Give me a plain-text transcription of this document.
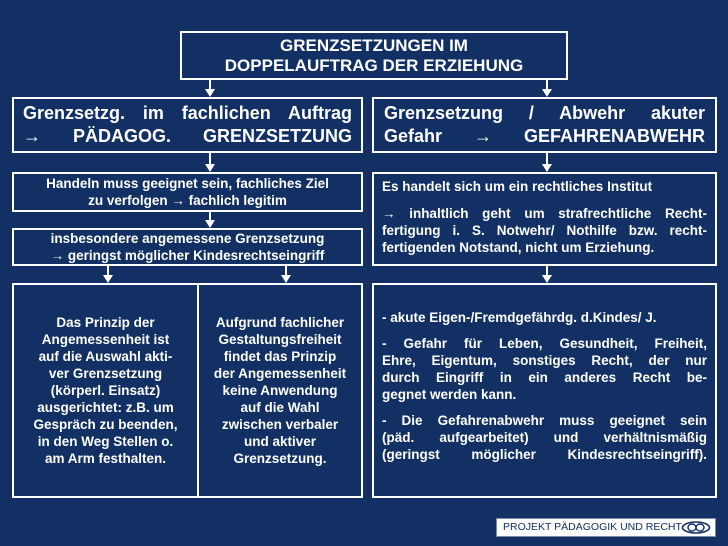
GRENZSETZUNGEN IM
DOPPELAUFTRAG DER ERZIEHUNG
Grenzsetzg. im fachlichen Auftrag
→ PÄDAGOG. GRENZSETZUNG
Handeln muss geeignet sein, fachliches Ziel
zu verfolgen → fachlich legitim
insbesondere angemessene Grenzsetzung
→ geringst möglicher Kindesrechtseingriff
Das Prinzip der
Angemessenheit ist
auf die Auswahl akti-
ver Grenzsetzung
(körperl. Einsatz)
ausgerichtet: z.B. um
Gespräch zu beenden,
in den Weg Stellen o.
am Arm festhalten.
Aufgrund fachlicher
Gestaltungsfreiheit
findet das Prinzip
der Angemessenheit
keine Anwendung
auf die Wahl
zwischen verbaler
und aktiver
Grenzsetzung.
Grenzsetzung / Abwehr akuter
Gefahr → GEFAHRENABWEHR

Es handelt sich um ein rechtliches Institut

→ inhaltlich geht um strafrechtliche Recht-
fertigung i. S. Notwehr/ Nothilfe bzw. recht-
fertigenden Notstand, nicht um Erziehung.

- akute Eigen-/Fremdgefährdg. d.Kindes/ J.

- Gefahr für Leben, Gesundheit, Freiheit,
Ehre, Eigentum, sonstiges Recht, der nur
durch Eingriff in ein anderes Recht be-
gegnet werden kann.

- Die Gefahrenabwehr muss geeignet sein
(päd. aufgearbeitet) und verhältnismäßig
(geringst möglicher Kindesrechtseingriff).

PROJEKT PÄDAGOGIK UND RECHT
